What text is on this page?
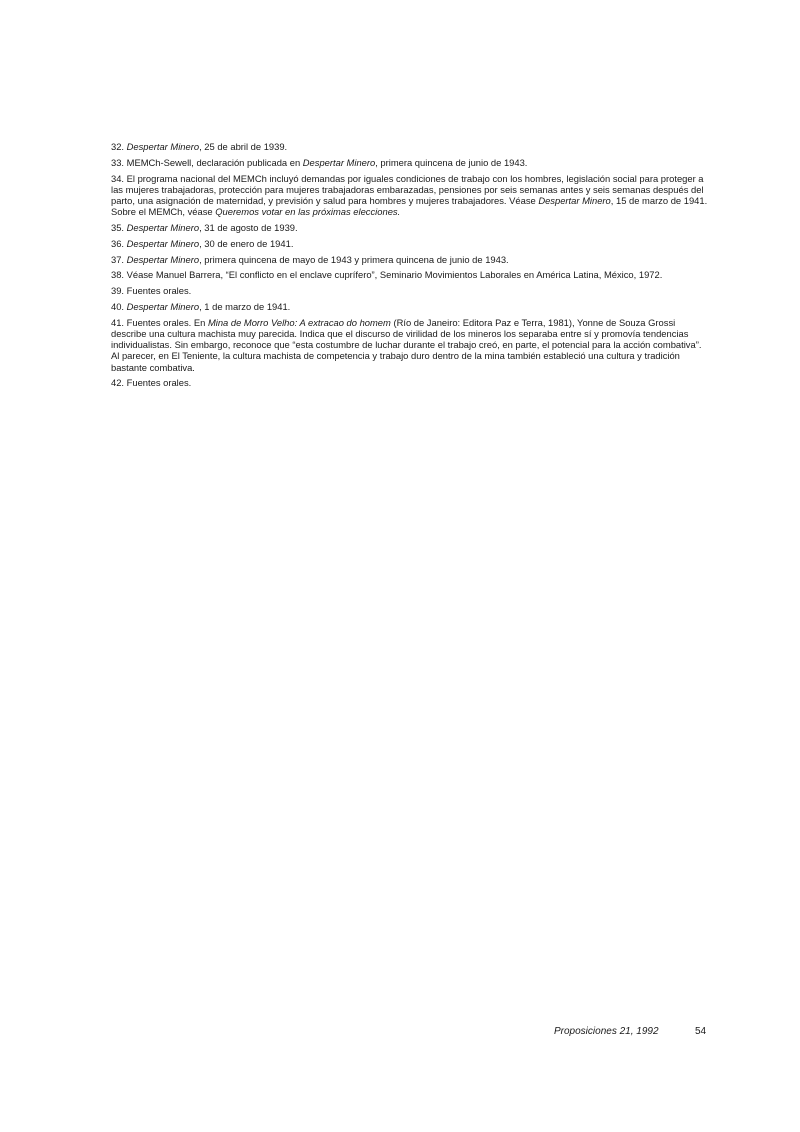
32. Despertar Minero, 25 de abril de 1939.

33. MEMCh-Sewell, declaración publicada en Despertar Minero, primera quincena de junio de 1943.

34. El programa nacional del MEMCh incluyó demandas por iguales condiciones de trabajo con los hombres, legislación social para proteger a las mujeres trabajadoras, protección para mujeres trabajadoras embarazadas, pensiones por seis semanas antes y seis semanas después del parto, una asignación de maternidad, y previsión y salud para hombres y mujeres trabajadores. Véase Despertar Minero, 15 de marzo de 1941. Sobre el MEMCh, véase Queremos votar en las próximas elecciones.

35. Despertar Minero, 31 de agosto de 1939.

36. Despertar Minero, 30 de enero de 1941.

37. Despertar Minero, primera quincena de mayo de 1943 y primera quincena de junio de 1943.

38. Véase Manuel Barrera, “El conflicto en el enclave cuprífero”, Seminario Movimientos Laborales en América Latina, México, 1972.

39. Fuentes orales.

40. Despertar Minero, 1 de marzo de 1941.

41. Fuentes orales. En Mina de Morro Velho: A extracao do homem (Río de Janeiro: Editora Paz e Terra, 1981), Yonne de Souza Grossi describe una cultura machista muy parecida. Indica que el discurso de virilidad de los mineros los separaba entre sí y promovía tendencias individualistas. Sin embargo, reconoce que “esta costumbre de luchar durante el trabajo creó, en parte, el potencial para la acción combativa”. Al parecer, en El Teniente, la cultura machista de competencia y trabajo duro dentro de la mina también estableció una cultura y tradición bastante combativa.

42. Fuentes orales.

Proposiciones 21, 1992	54
